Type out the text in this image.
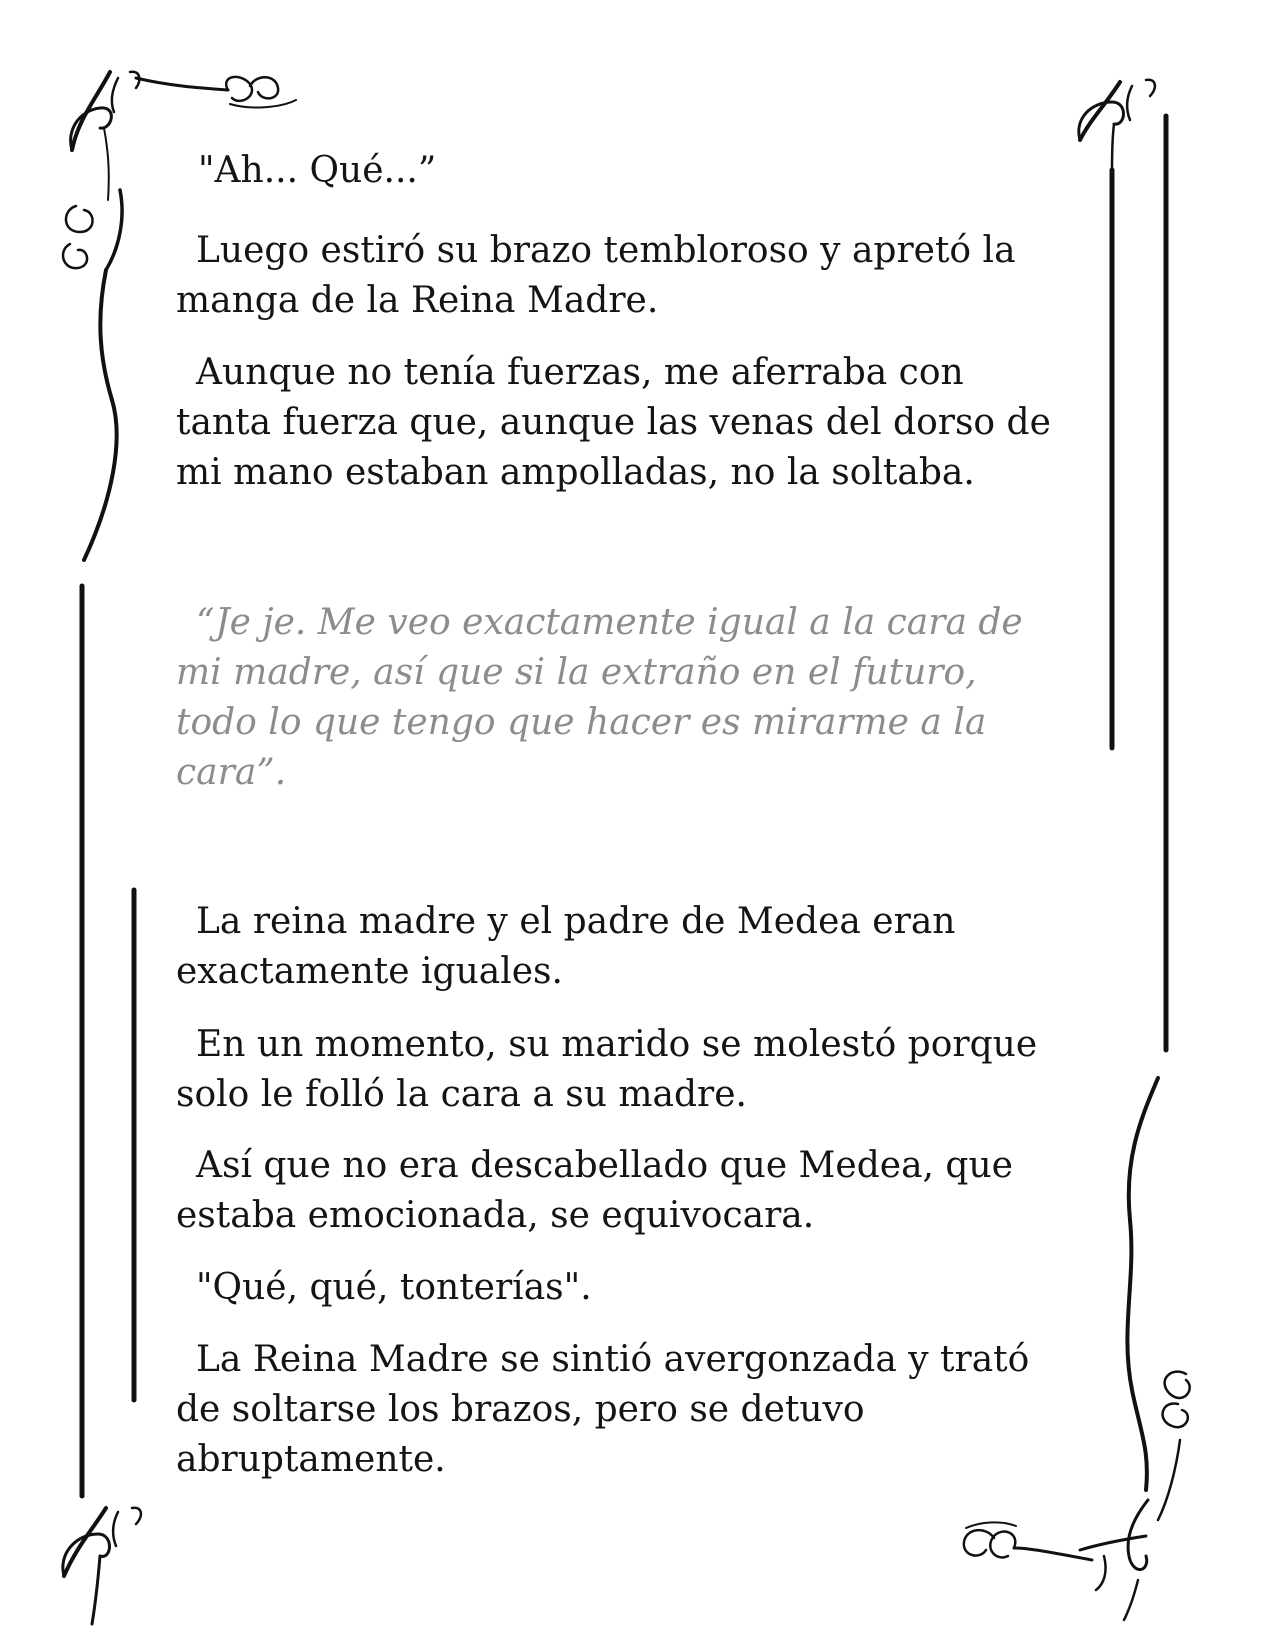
"Ah... Qué...”

Luego estiró su brazo tembloroso y apretó la
manga de la Reina Madre.

Aunque no tenía fuerzas, me aferraba con
tanta fuerza que, aunque las venas del dorso de
mi mano estaban ampolladas, no la soltaba.

“Je je. Me veo exactamente igual a la cara de
mi madre, así que si la extraño en el futuro,
todo lo que tengo que hacer es mirarme a la
cara”.

La reina madre y el padre de Medea eran
exactamente iguales.

En un momento, su marido se molestó porque
solo le folló la cara a su madre.

Así que no era descabellado que Medea, que
estaba emocionada, se equivocara.

"Qué, qué, tonterías".

La Reina Madre se sintió avergonzada y trató
de soltarse los brazos, pero se detuvo
abruptamente.
